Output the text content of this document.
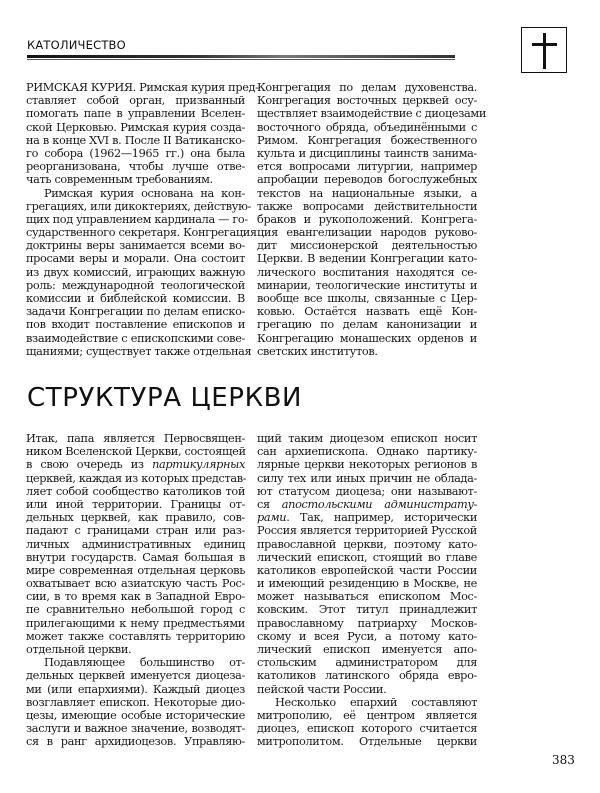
КАТОЛИЧЕСТВО
РИМСКАЯ КУРИЯ. Римская курия пред-
ставляет собой орган, призванный
помогать папе в управлении Вселен-
ской Церковью. Римская курия созда-
на в конце XVI в. После II Ватиканско-
го собора (1962—1965 гг.) она была
реорганизована, чтобы лучше отве-
чать современным требованиям.
Римская курия основана на кон-
грегациях, или дикоктериях, действую-
щих под управлением кардинала — го-
сударственного секретаря. Конгрегация
доктрины веры занимается всеми во-
просами веры и морали. Она состоит
из двух комиссий, играющих важную
роль: международной теологической
комиссии и библейской комиссии. В
задачи Конгрегации по делам еписко-
пов входит поставление епископов и
взаимодействие с епископскими сове-
щаниями; существует также отдельная
Конгрегация по делам духовенства.
Конгрегация восточных церквей осу-
ществляет взаимодействие с диоцезами
восточного обряда, объединёнными с
Римом. Конгрегация божественного
культа и дисциплины таинств занима-
ется вопросами литургии, например
апробации переводов богослужебных
текстов на национальные языки, а
также вопросами действительности
браков и рукоположений. Конгрега-
ция евангелизации народов руково-
дит миссионерской деятельностью
Церкви. В ведении Конгрегации като-
лического воспитания находятся се-
минарии, теологические институты и
вообще все школы, связанные с Цер-
ковью. Остаётся назвать ещё Кон-
грегацию по делам канонизации и
Конгрегацию монашеских орденов и
светских институтов.
СТРУКТУРА ЦЕРКВИ
Итак, папа является Первосвящен-
ником Вселенской Церкви, состоящей
в свою очередь из партикулярных
церквей, каждая из которых представ-
ляет собой сообщество католиков той
или иной территории. Границы от-
дельных церквей, как правило, сов-
падают с границами стран или раз-
личных административных единиц
внутри государств. Самая большая в
мире современная отдельная церковь
охватывает всю азиатскую часть Рос-
сии, в то время как в Западной Евро-
пе сравнительно небольшой город с
прилегающими к нему предместьями
может также составлять территорию
отдельной церкви.
Подавляющее большинство от-
дельных церквей именуется диоцеза-
ми (или епархиями). Каждый диоцез
возглавляет епископ. Некоторые дио-
цезы, имеющие особые исторические
заслуги и важное значение, возводят-
ся в ранг архидиоцезов. Управляю-
щий таким диоцезом епископ носит
сан архиепископа. Однако партику-
лярные церкви некоторых регионов в
силу тех или иных причин не облада-
ют статусом диоцеза; они называют-
ся апостольскими администрату-
рами. Так, например, исторически
Россия является территорией Русской
православной церкви, поэтому като-
лический епископ, стоящий во главе
католиков европейской части России
и имеющий резиденцию в Москве, не
может называться епископом Мос-
ковским. Этот титул принадлежит
православному патриарху Москов-
скому и всея Руси, а потому като-
лический епископ именуется апо-
стольским администратором для
католиков латинского обряда евро-
пейской части России.
Несколько епархий составляют
митрополию, её центром является
диоцез, епископ которого считается
митрополитом. Отдельные церкви
383
